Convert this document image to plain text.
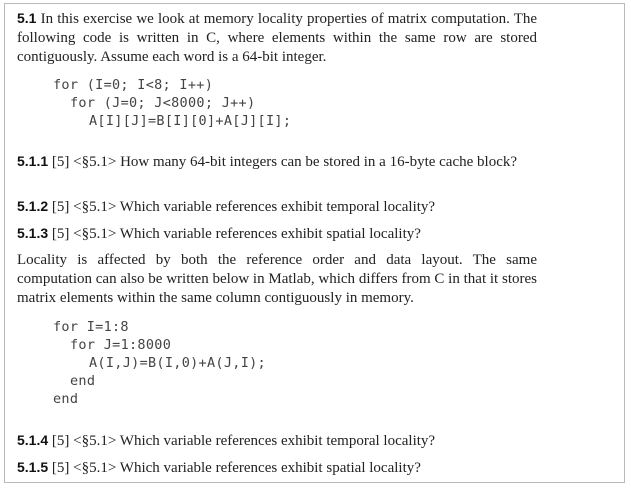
5.1 In this exercise we look at memory locality properties of matrix computation. The following code is written in C, where elements within the same row are stored contiguously. Assume each word is a 64-bit integer.
for (I=0; I<8; I++)
for (J=0; J<8000; J++)
A[I][J]=B[I][0]+A[J][I];
5.1.1 [5] <§5.1> How many 64-bit integers can be stored in a 16-byte cache block?
5.1.2 [5] <§5.1> Which variable references exhibit temporal locality?
5.1.3 [5] <§5.1> Which variable references exhibit spatial locality?
Locality is affected by both the reference order and data layout. The same computation can also be written below in Matlab, which differs from C in that it stores matrix elements within the same column contiguously in memory.
for I=1:8
for J=1:8000
A(I,J)=B(I,0)+A(J,I);
end
end
5.1.4 [5] <§5.1> Which variable references exhibit temporal locality?
5.1.5 [5] <§5.1> Which variable references exhibit spatial locality?
